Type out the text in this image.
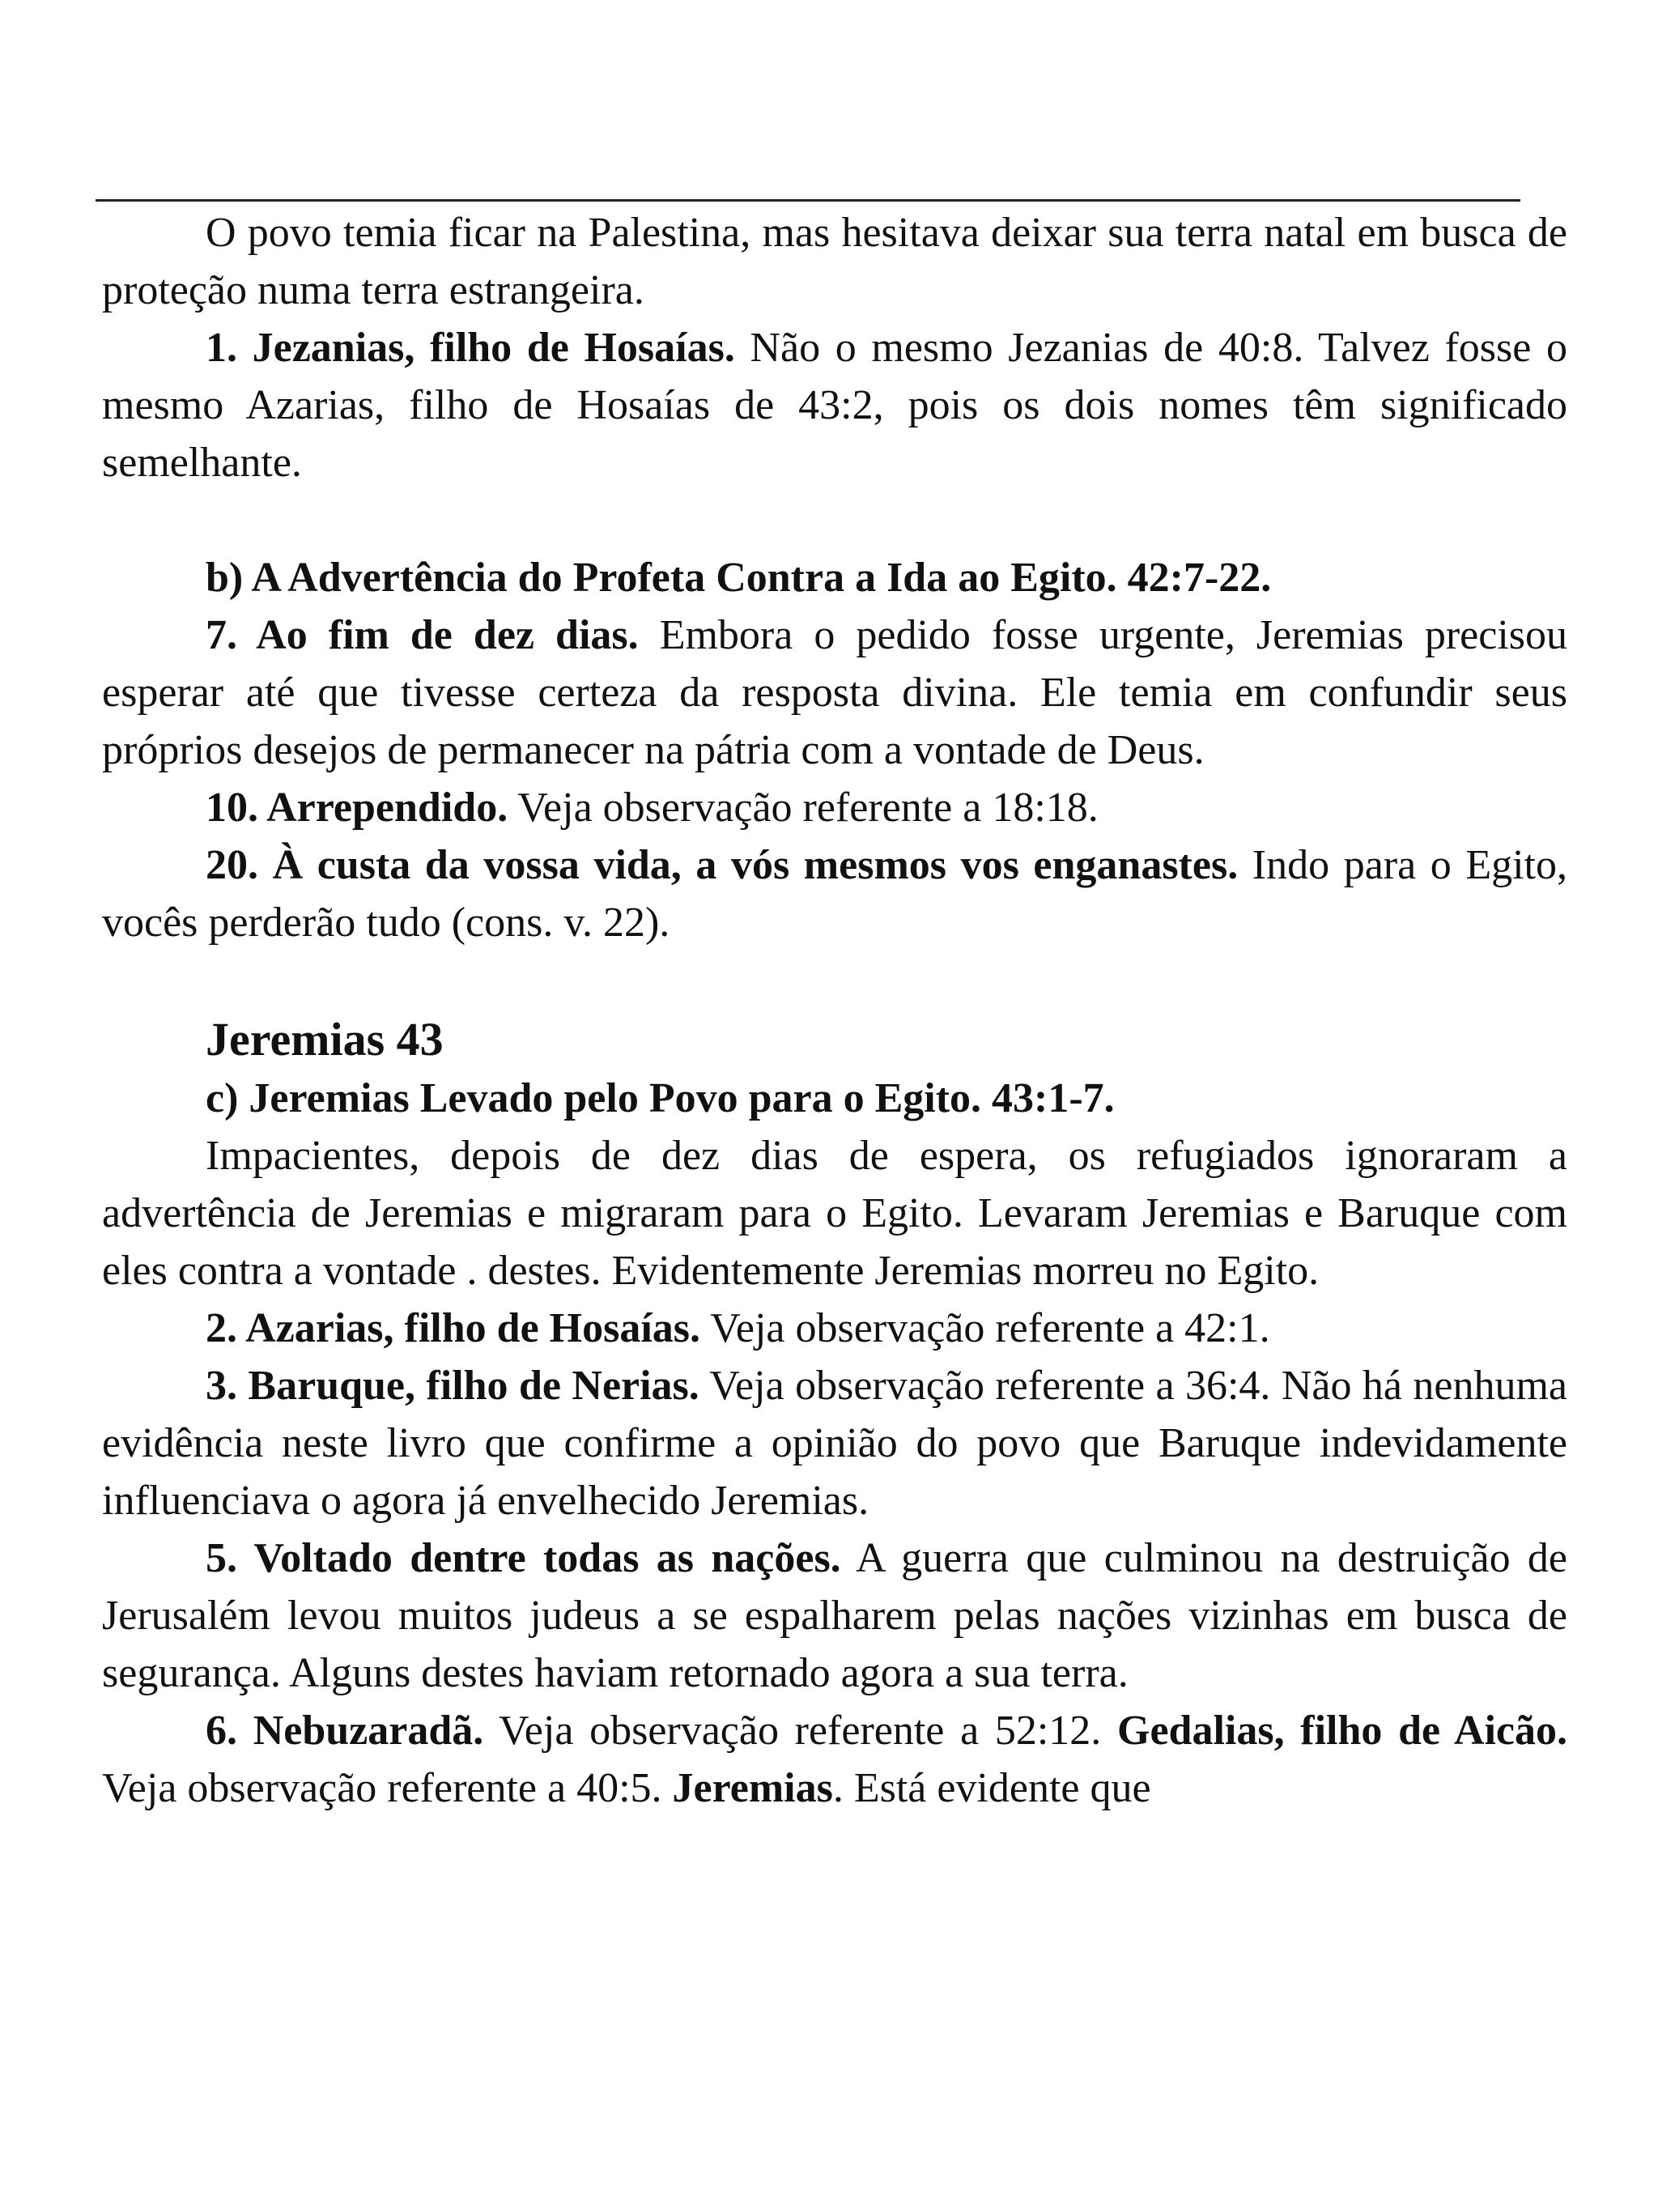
O povo temia ficar na Palestina, mas hesitava deixar sua terra natal em busca de proteção numa terra estrangeira.

1. Jezanias, filho de Hosaías. Não o mesmo Jezanias de 40:8. Talvez fosse o mesmo Azarias, filho de Hosaías de 43:2, pois os dois nomes têm significado semelhante.

b) A Advertência do Profeta Contra a Ida ao Egito. 42:7-22.

7. Ao fim de dez dias. Embora o pedido fosse urgente, Jeremias precisou esperar até que tivesse certeza da resposta divina. Ele temia em confundir seus próprios desejos de permanecer na pátria com a vontade de Deus.

10. Arrependido. Veja observação referente a 18:18.

20. À custa da vossa vida, a vós mesmos vos enganastes. Indo para o Egito, vocês perderão tudo (cons. v. 22).

Jeremias 43

c) Jeremias Levado pelo Povo para o Egito. 43:1-7.

Impacientes, depois de dez dias de espera, os refugiados ignoraram a advertência de Jeremias e migraram para o Egito. Levaram Jeremias e Baruque com eles contra a vontade . destes. Evidentemente Jeremias morreu no Egito.

2. Azarias, filho de Hosaías. Veja observação referente a 42:1.

3. Baruque, filho de Nerias. Veja observação referente a 36:4. Não há nenhuma evidência neste livro que confirme a opinião do povo que Baruque indevidamente influenciava o agora já envelhecido Jeremias.

5. Voltado dentre todas as nações. A guerra que culminou na destruição de Jerusalém levou muitos judeus a se espalharem pelas nações vizinhas em busca de segurança. Alguns destes haviam retornado agora a sua terra.

6. Nebuzaradã. Veja observação referente a 52:12. Gedalias, filho de Aicão. Veja observação referente a 40:5. Jeremias. Está evidente que
